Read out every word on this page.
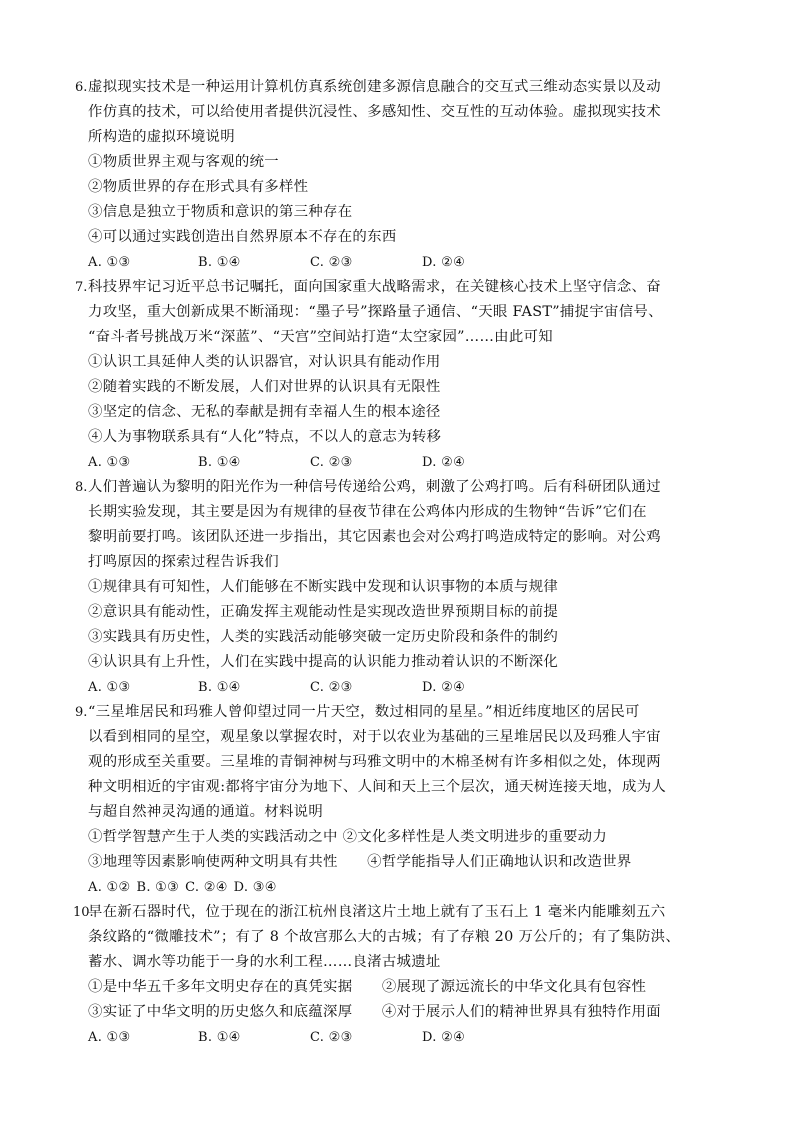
6. 虚拟现实技术是一种运用计算机仿真系统创建多源信息融合的交互式三维动态实景以及动
作仿真的技术，可以给使用者提供沉浸性、多感知性、交互性的互动体验。虚拟现实技术
所构造的虚拟环境说明
①物质世界主观与客观的统一
②物质世界的存在形式具有多样性
③信息是独立于物质和意识的第三种存在
④可以通过实践创造出自然界原本不存在的东西
A. ①③	B. ①④	C. ②③	D. ②④
7. 科技界牢记习近平总书记嘱托，面向国家重大战略需求，在关键核心技术上坚守信念、奋
力攻坚，重大创新成果不断涌现：“墨子号”探路量子通信、“天眼 FAST”捕捉宇宙信号、
“奋斗者号挑战万米“深蓝”、“天宫”空间站打造“太空家园”……由此可知
①认识工具延伸人类的认识器官，对认识具有能动作用
②随着实践的不断发展，人们对世界的认识具有无限性
③坚定的信念、无私的奉献是拥有幸福人生的根本途径
④人为事物联系具有“人化”特点，不以人的意志为转移
A. ①③	B. ①④	C. ②③	D. ②④
8. 人们普遍认为黎明的阳光作为一种信号传递给公鸡，刺激了公鸡打鸣。后有科研团队通过
长期实验发现，其主要是因为有规律的昼夜节律在公鸡体内形成的生物钟“告诉”它们在
黎明前要打鸣。该团队还进一步指出，其它因素也会对公鸡打鸣造成特定的影响。对公鸡
打鸣原因的探索过程告诉我们
①规律具有可知性，人们能够在不断实践中发现和认识事物的本质与规律
②意识具有能动性，正确发挥主观能动性是实现改造世界预期目标的前提
③实践具有历史性，人类的实践活动能够突破一定历史阶段和条件的制约
④认识具有上升性，人们在实践中提高的认识能力推动着认识的不断深化
A. ①③	B. ①④	C. ②③	D. ②④
9. “三星堆居民和玛雅人曾仰望过同一片天空，数过相同的星星。”相近纬度地区的居民可
以看到相同的星空，观星象以掌握农时，对于以农业为基础的三星堆居民以及玛雅人宇宙
观的形成至关重要。三星堆的青铜神树与玛雅文明中的木棉圣树有许多相似之处，体现两
种文明相近的宇宙观:都将宇宙分为地下、人间和天上三个层次，通天树连接天地，成为人
与超自然神灵沟通的通道。材料说明
①哲学智慧产生于人类的实践活动之中 ②文化多样性是人类文明进步的重要动力
③地理等因素影响使两种文明具有共性　　④哲学能指导人们正确地认识和改造世界
A. ①② B. ①③ C. ②④ D. ③④
10.
早在新石器时代，位于现在的浙江杭州良渚这片土地上就有了玉石上 1 毫米内能雕刻五六
条纹路的“微雕技术”；有了 8 个故宫那么大的古城；有了存粮 20 万公斤的；有了集防洪、
蓄水、调水等功能于一身的水利工程……良渚古城遗址
①是中华五千多年文明史存在的真凭实据　　②展现了源远流长的中华文化具有包容性
③实证了中华文明的历史悠久和底蕴深厚　　④对于展示人们的精神世界具有独特作用面
A. ①③	B. ①④	C. ②③	D. ②④
